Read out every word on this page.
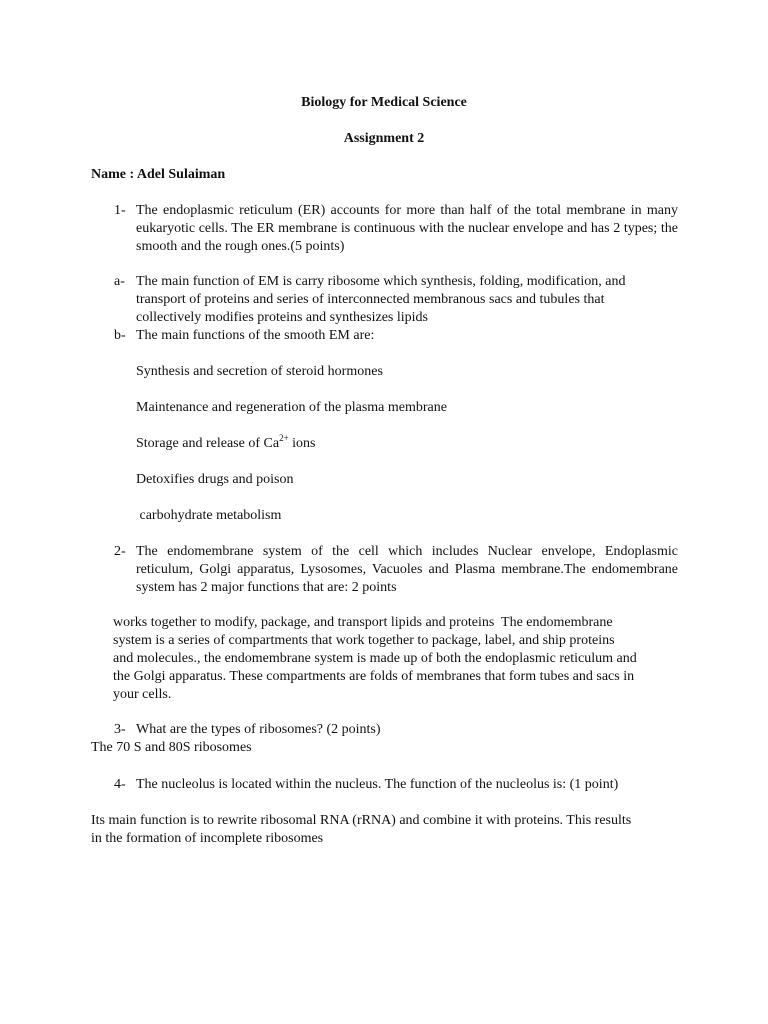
Biology for Medical Science
Assignment 2
Name : Adel Sulaiman
1- The endoplasmic reticulum (ER) accounts for more than half of the total membrane in many eukaryotic cells. The ER membrane is continuous with the nuclear envelope and has 2 types; the smooth and the rough ones.(5 points)
a- The main function of EM is carry ribosome which synthesis, folding, modification, and
transport of proteins and series of interconnected membranous sacs and tubules that
collectively modifies proteins and synthesizes lipids
b- The main functions of the smooth EM are:
Synthesis and secretion of steroid hormones
Maintenance and regeneration of the plasma membrane
Storage and release of $Ca^{2+}$ ions
Detoxifies drugs and poison
carbohydrate metabolism
2- The endomembrane system of the cell which includes Nuclear envelope, Endoplasmic reticulum, Golgi apparatus, Lysosomes, Vacuoles and Plasma membrane.The endomembrane system has 2 major functions that are: 2 points
works together to modify, package, and transport lipids and proteins  The endomembrane
system is a series of compartments that work together to package, label, and ship proteins
and molecules., the endomembrane system is made up of both the endoplasmic reticulum and
the Golgi apparatus. These compartments are folds of membranes that form tubes and sacs in
your cells.
3- What are the types of ribosomes? (2 points)
The 70 S and 80S ribosomes
4- The nucleolus is located within the nucleus. The function of the nucleolus is: (1 point)
Its main function is to rewrite ribosomal RNA (rRNA) and combine it with proteins. This results
in the formation of incomplete ribosomes
